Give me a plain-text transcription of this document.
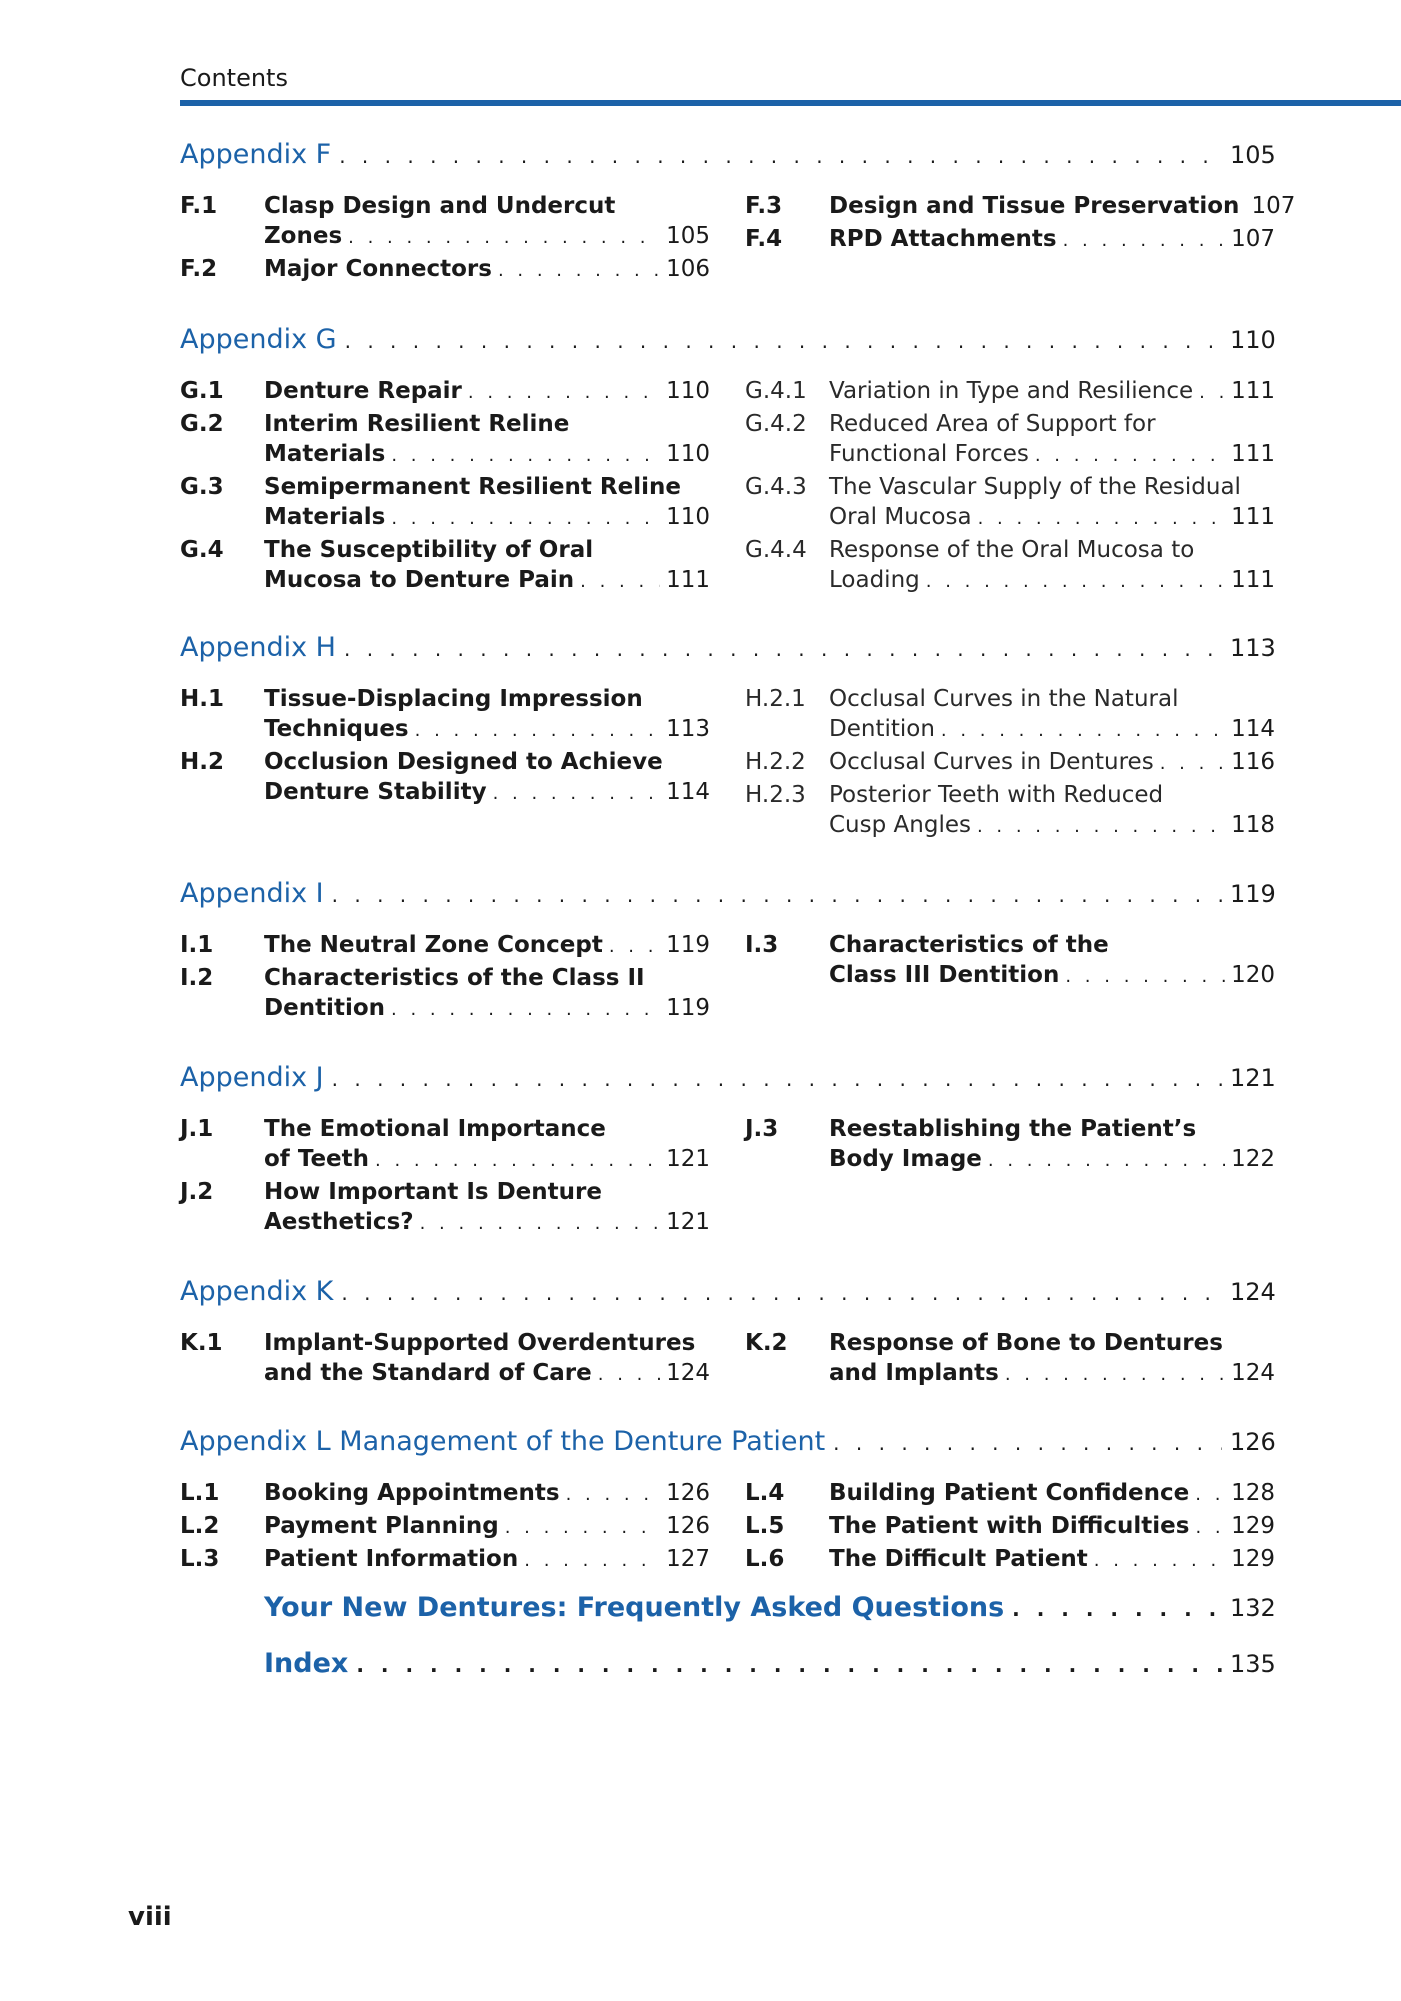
Contents
Appendix F . . .	105
F.1 Clasp Design and Undercut
Zones . . .	105
F.2 Major Connectors . . .	106
F.3 Design and Tissue Preservation 107
F.4 RPD Attachments . . .	107
Appendix G . . .	110
G.1 Denture Repair . . .	110
G.2 Interim Resilient Reline
Materials . . .	110
G.3 Semipermanent Resilient Reline
Materials . . .	110
G.4 The Susceptibility of Oral
Mucosa to Denture Pain . . .	111
G.4.1 Variation in Type and Resilience . . . 111
G.4.2 Reduced Area of Support for
Functional Forces . . .	111
G.4.3 The Vascular Supply of the Residual
Oral Mucosa . . .	111
G.4.4 Response of the Oral Mucosa to
Loading . . .	111
Appendix H . . .	113
H.1 Tissue-Displacing Impression
Techniques . . .	113
H.2 Occlusion Designed to Achieve
Denture Stability . . .	114
H.2.1 Occlusal Curves in the Natural
Dentition . . .	114
H.2.2 Occlusal Curves in Dentures . . .	116
H.2.3 Posterior Teeth with Reduced
Cusp Angles . . .	118
Appendix I . . .	119
I.1 The Neutral Zone Concept . . .	119
I.2 Characteristics of the Class II
Dentition . . .	119
I.3 Characteristics of the
Class III Dentition . . .	120
Appendix J . . .	121
J.1 The Emotional Importance
of Teeth . . .	121
J.2 How Important Is Denture
Aesthetics? . . .	121
J.3 Reestablishing the Patient’s
Body Image . . .	122
Appendix K . . .	124
K.1 Implant-Supported Overdentures
and the Standard of Care . . .	124
K.2 Response of Bone to Dentures
and Implants . . .	124
Appendix L Management of the Denture Patient . . .	126
L.1 Booking Appointments . . .	126
L.2 Payment Planning . . .	126
L.3 Patient Information . . .	127
L.4 Building Patient Confidence . . . 128
L.5 The Patient with Difficulties . . . 129
L.6 The Difficult Patient . . .	129
Your New Dentures: Frequently Asked Questions . . .	132
Index . . .	135
viii
